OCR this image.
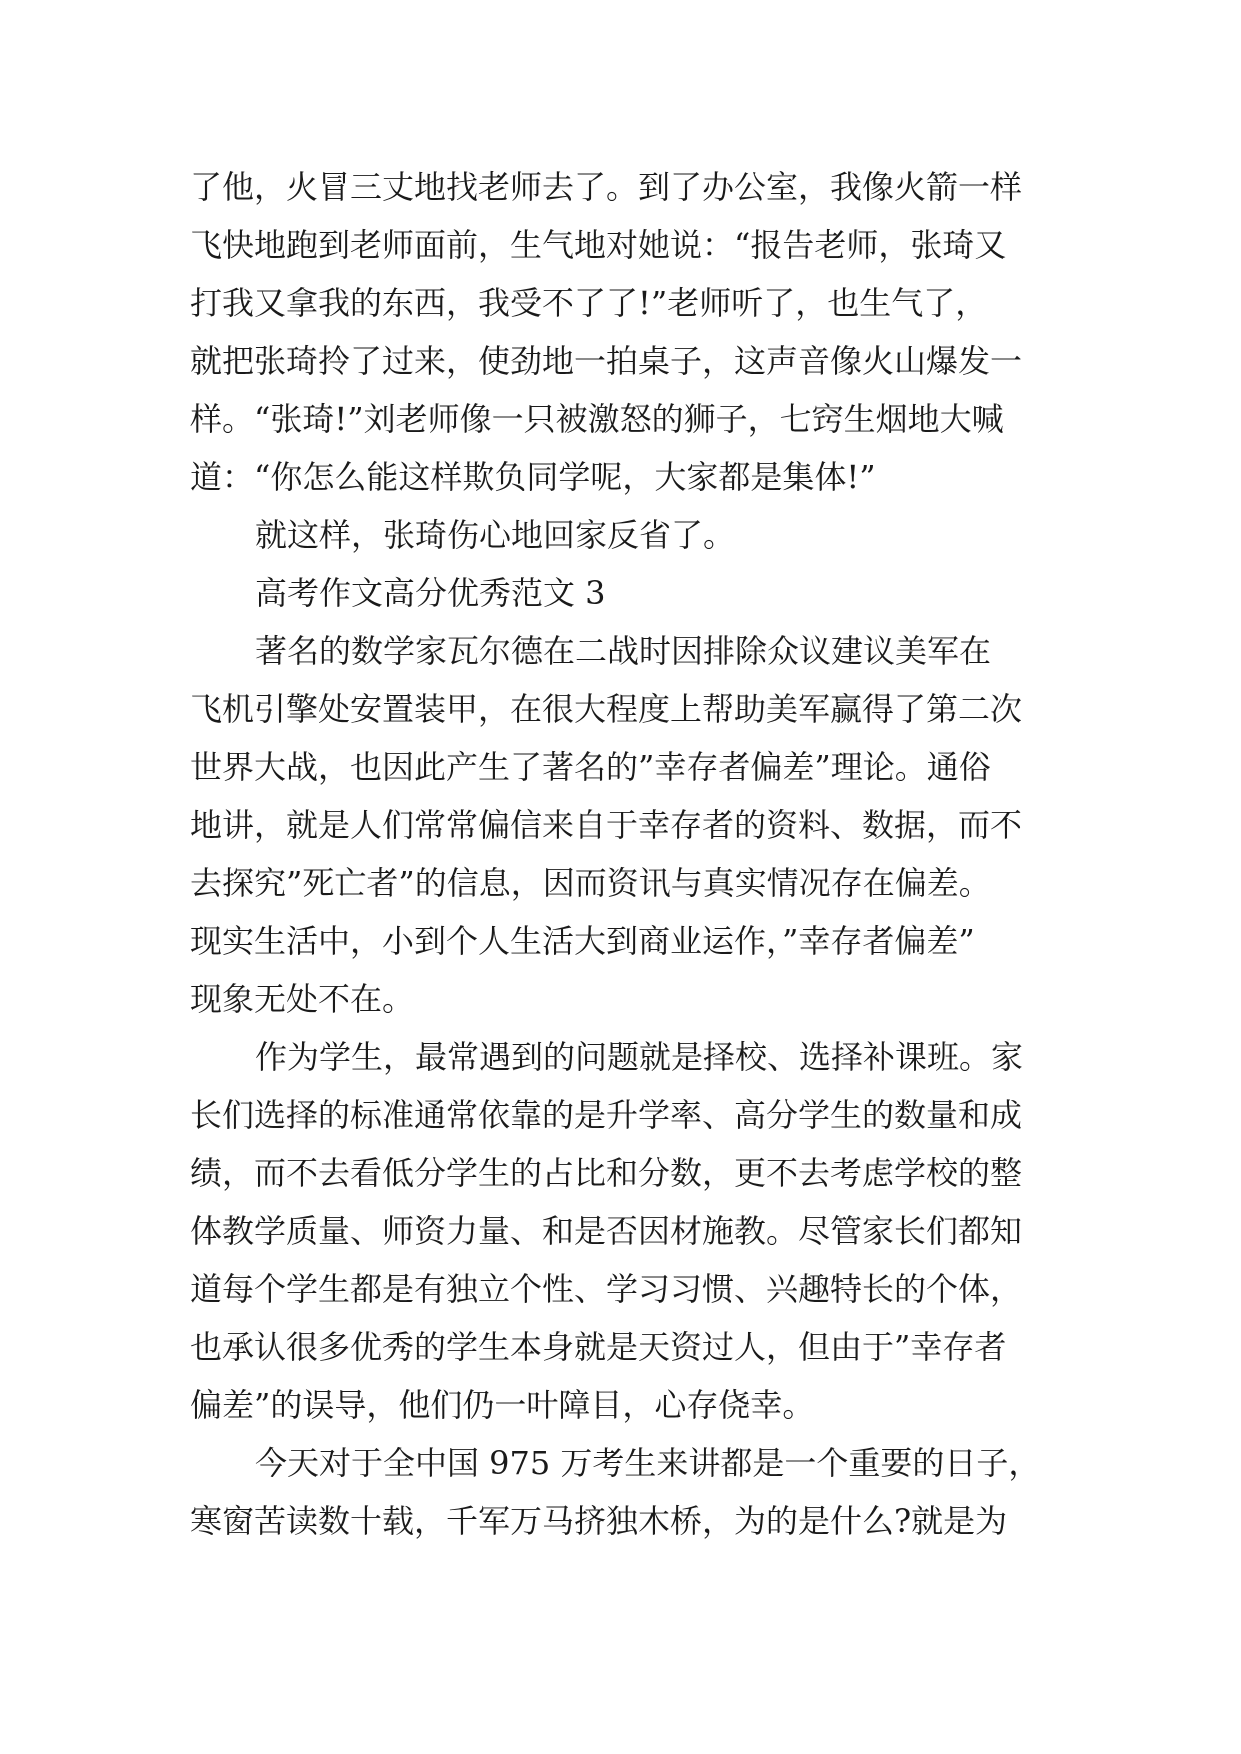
了他，火冒三丈地找老师去了。到了办公室，我像火箭一样
飞快地跑到老师面前，生气地对她说：“报告老师，张琦又
打我又拿我的东西，我受不了了!”老师听了，也生气了，
就把张琦拎了过来，使劲地一拍桌子，这声音像火山爆发一
样。“张琦!”刘老师像一只被激怒的狮子，七窍生烟地大喊
道：“你怎么能这样欺负同学呢，大家都是集体!”
就这样，张琦伤心地回家反省了。
高考作文高分优秀范文 3
著名的数学家瓦尔德在二战时因排除众议建议美军在
飞机引擎处安置装甲，在很大程度上帮助美军赢得了第二次
世界大战，也因此产生了著名的”幸存者偏差”理论。通俗
地讲，就是人们常常偏信来自于幸存者的资料、数据，而不
去探究”死亡者”的信息，因而资讯与真实情况存在偏差。
现实生活中，小到个人生活大到商业运作，”幸存者偏差”
现象无处不在。
作为学生，最常遇到的问题就是择校、选择补课班。家
长们选择的标准通常依靠的是升学率、高分学生的数量和成
绩，而不去看低分学生的占比和分数，更不去考虑学校的整
体教学质量、师资力量、和是否因材施教。尽管家长们都知
道每个学生都是有独立个性、学习习惯、兴趣特长的个体，
也承认很多优秀的学生本身就是天资过人，但由于”幸存者
偏差”的误导，他们仍一叶障目，心存侥幸。
今天对于全中国 975 万考生来讲都是一个重要的日子，
寒窗苦读数十载，千军万马挤独木桥，为的是什么?就是为
